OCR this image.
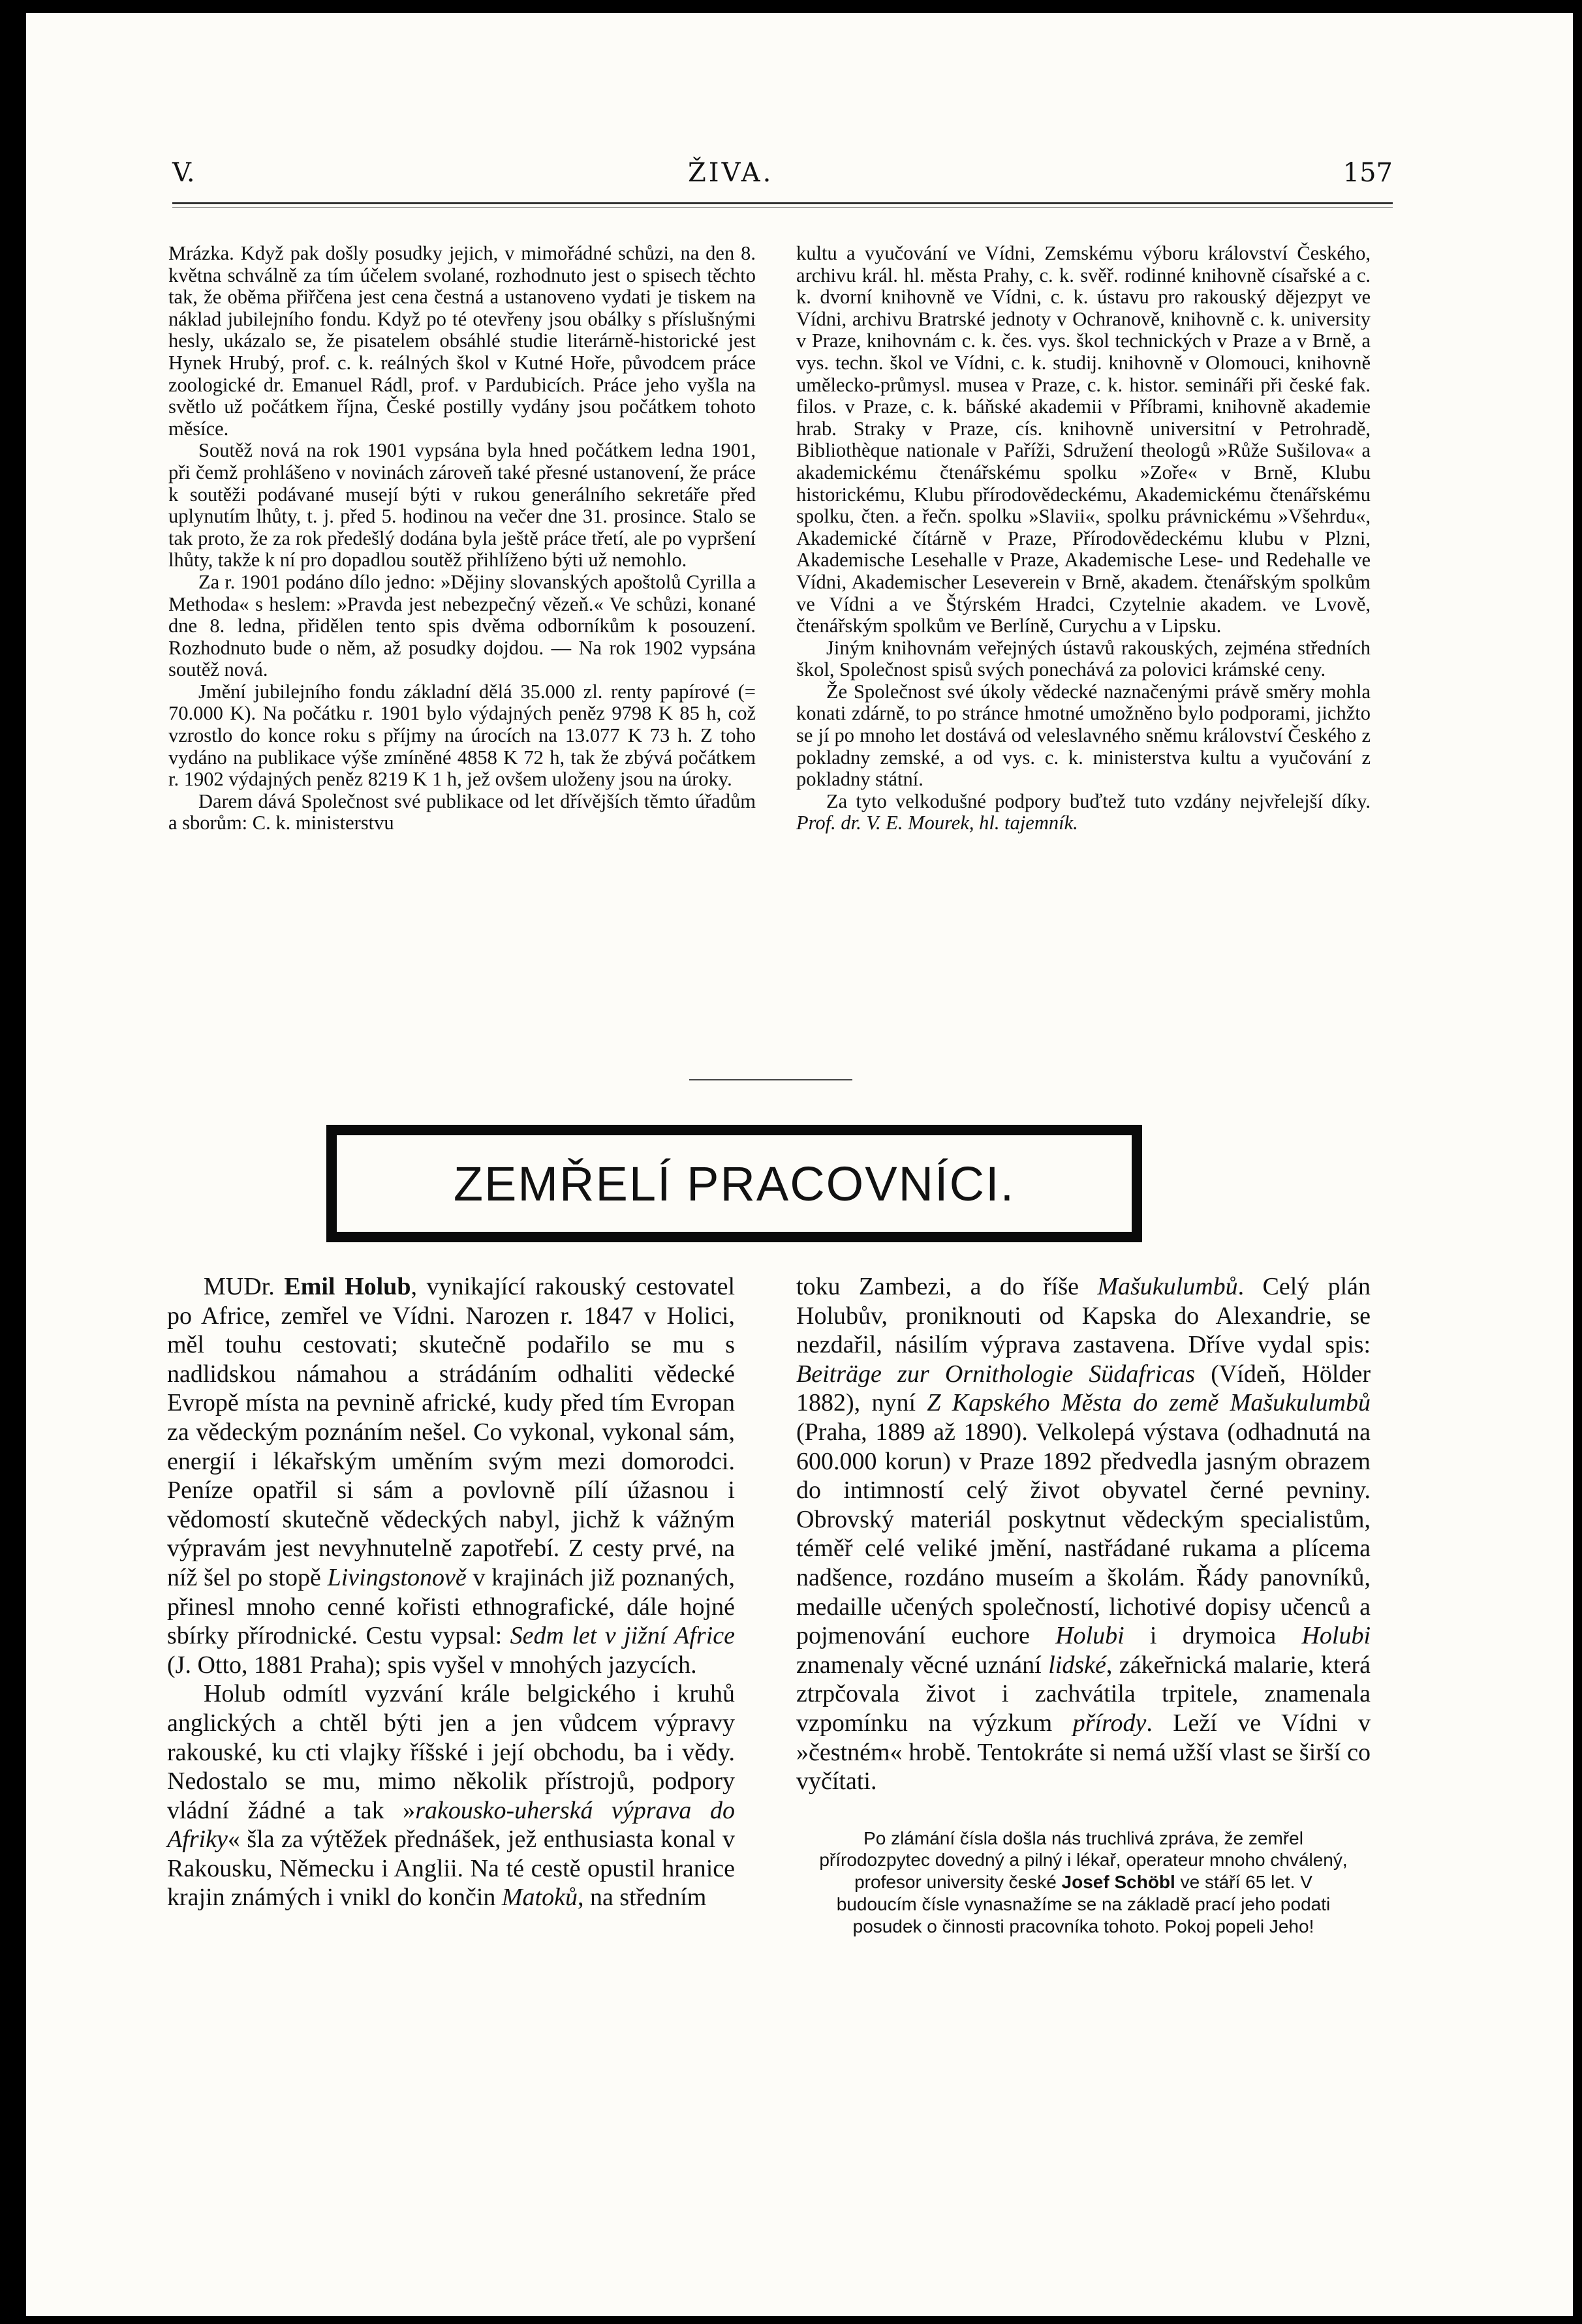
V.	ŽIVA.	157

Mrázka. Když pak došly posudky jejich, v mimořádné schůzi, na den 8. května schválně za tím účelem svolané, rozhodnuto jest o spisech těchto tak, že oběma přiřčena jest cena čestná a ustanoveno vydati je tiskem na náklad jubilejního fondu. Když po té otevřeny jsou obálky s příslušnými hesly, ukázalo se, že pisatelem obsáhlé studie literárně-historické jest Hynek Hrubý, prof. c. k. reálných škol v Kutné Hoře, původcem práce zoologické dr. Emanuel Rádl, prof. v Pardubicích. Práce jeho vyšla na světlo už počátkem října, České postilly vydány jsou počátkem tohoto měsíce.

Soutěž nová na rok 1901 vypsána byla hned počátkem ledna 1901, při čemž prohlášeno v novinách zároveň také přesné ustanovení, že práce k soutěži podávané musejí býti v rukou generálního sekretáře před uplynutím lhůty, t. j. před 5. hodinou na večer dne 31. prosince. Stalo se tak proto, že za rok předešlý dodána byla ještě práce třetí, ale po vypršení lhůty, takže k ní pro dopadlou soutěž přihlíženo býti už nemohlo.

Za r. 1901 podáno dílo jedno: »Dějiny slovanských apoštolů Cyrilla a Methoda« s heslem: »Pravda jest nebezpečný vězeň.« Ve schůzi, konané dne 8. ledna, přidělen tento spis dvěma odborníkům k posouzení. Rozhodnuto bude o něm, až posudky dojdou. — Na rok 1902 vypsána soutěž nová.

Jmění jubilejního fondu základní dělá 35.000 zl. renty papírové (= 70.000 K). Na počátku r. 1901 bylo výdajných peněz 9798 K 85 h, což vzrostlo do konce roku s příjmy na úrocích na 13.077 K 73 h. Z toho vydáno na publikace výše zmíněné 4858 K 72 h, tak že zbývá počátkem r. 1902 výdajných peněz 8219 K 1 h, jež ovšem uloženy jsou na úroky.

Darem dává Společnost své publikace od let dřívějších těmto úřadům a sborům: C. k. ministerstvu

kultu a vyučování ve Vídni, Zemskému výboru království Českého, archivu král. hl. města Prahy, c. k. svěř. rodinné knihovně císařské a c. k. dvorní knihovně ve Vídni, c. k. ústavu pro rakouský dějezpyt ve Vídni, archivu Bratrské jednoty v Ochranově, knihovně c. k. university v Praze, knihovnám c. k. čes. vys. škol technických v Praze a v Brně, a vys. techn. škol ve Vídni, c. k. studij. knihovně v Olomouci, knihovně umělecko-průmysl. musea v Praze, c. k. histor. semináři při české fak. filos. v Praze, c. k. báňské akademii v Příbrami, knihovně akademie hrab. Straky v Praze, cís. knihovně universitní v Petrohradě, Bibliothèque nationale v Paříži, Sdružení theologů »Růže Sušilova« a akademickému čtenářskému spolku »Zoře« v Brně, Klubu historickému, Klubu přírodovědeckému, Akademickému čtenářskému spolku, čten. a řečn. spolku »Slavii«, spolku právnickému »Všehrdu«, Akademické čítárně v Praze, Přírodovědeckému klubu v Plzni, Akademische Lesehalle v Praze, Akademische Lese- und Redehalle ve Vídni, Akademischer Leseverein v Brně, akadem. čtenářským spolkům ve Vídni a ve Štýrském Hradci, Czytelnie akadem. ve Lvově, čtenářským spolkům ve Berlíně, Curychu a v Lipsku.

Jiným knihovnám veřejných ústavů rakouských, zejména středních škol, Společnost spisů svých ponechává za polovici krámské ceny.

Že Společnost své úkoly vědecké naznačenými právě směry mohla konati zdárně, to po stránce hmotné umožněno bylo podporami, jichžto se jí po mnoho let dostává od veleslavného sněmu království Českého z pokladny zemské, a od vys. c. k. ministerstva kultu a vyučování z pokladny státní.

Za tyto velkodušné podpory buďtež tuto vzdány nejvřelejší díky. Prof. dr. V. E. Mourek, hl. tajemník.

ZEMŘELÍ PRACOVNÍCI.

MUDr. Emil Holub, vynikající rakouský cestovatel po Africe, zemřel ve Vídni. Narozen r. 1847 v Holici, měl touhu cestovati; skutečně podařilo se mu s nadlidskou námahou a strádáním odhaliti vědecké Evropě místa na pevnině africké, kudy před tím Evropan za vědeckým poznáním nešel. Co vykonal, vykonal sám, energií i lékařským uměním svým mezi domorodci. Peníze opatřil si sám a povlovně pílí úžasnou i vědomostí skutečně vědeckých nabyl, jichž k vážným výpravám jest nevyhnutelně zapotřebí. Z cesty prvé, na níž šel po stopě Livingstonově v krajinách již poznaných, přinesl mnoho cenné kořisti ethnografické, dále hojné sbírky přírodnické. Cestu vypsal: Sedm let v jižní Africe (J. Otto, 1881 Praha); spis vyšel v mnohých jazycích.

Holub odmítl vyzvání krále belgického i kruhů anglických a chtěl býti jen a jen vůdcem výpravy rakouské, ku cti vlajky říšské i její obchodu, ba i vědy. Nedostalo se mu, mimo několik přístrojů, podpory vládní žádné a tak »rakousko-uherská výprava do Afriky« šla za výtěžek přednášek, jež enthusiasta konal v Rakousku, Německu i Anglii. Na té cestě opustil hranice krajin známých i vnikl do končin Matoků, na středním

toku Zambezi, a do říše Mašukulumbů. Celý plán Holubův, proniknouti od Kapska do Alexandrie, se nezdařil, násilím výprava zastavena. Dříve vydal spis: Beiträge zur Ornithologie Südafricas (Vídeň, Hölder 1882), nyní Z Kapského Města do země Mašukulumbů (Praha, 1889 až 1890). Velkolepá výstava (odhadnutá na 600.000 korun) v Praze 1892 předvedla jasným obrazem do intimností celý život obyvatel černé pevniny. Obrovský materiál poskytnut vědeckým specialistům, téměř celé veliké jmění, nastřádané rukama a plícema nadšence, rozdáno museím a školám. Řády panovníků, medaille učených společností, lichotivé dopisy učenců a pojmenování euchore Holubi i drymoica Holubi znamenaly věcné uznání lidské, zákeřnická malarie, která ztrpčovala život i zachvátila trpitele, znamenala vzpomínku na výzkum přírody. Leží ve Vídni v »čestném« hrobě. Tentokráte si nemá užší vlast se širší co vyčítati.

Po zlámání čísla došla nás truchlivá zpráva, že zemřel přírodozpytec dovedný a pilný i lékař, operateur mnoho chválený, profesor university české Josef Schöbl ve stáří 65 let. V budoucím čísle vynasnažíme se na základě prací jeho podati posudek o činnosti pracovníka tohoto. Pokoj popeli Jeho!
